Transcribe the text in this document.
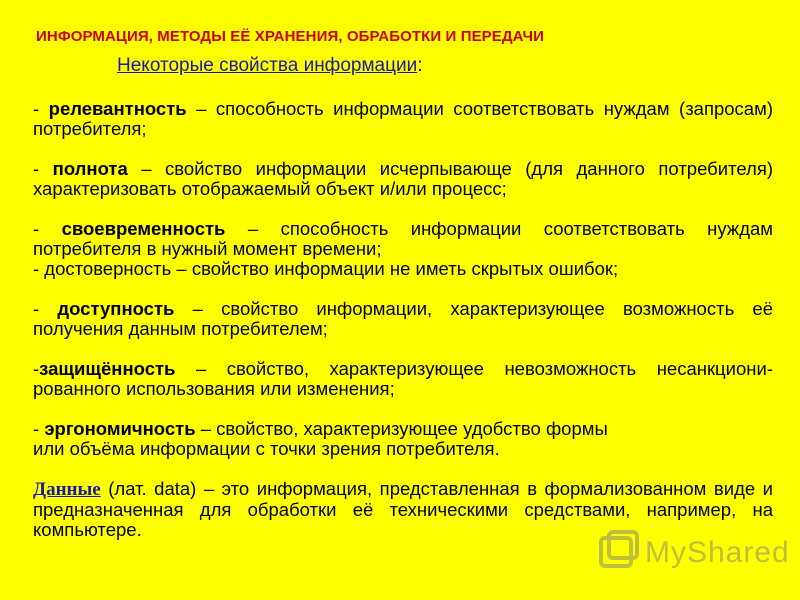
ИНФОРМАЦИЯ, МЕТОДЫ ЕЁ ХРАНЕНИЯ, ОБРАБОТКИ И ПЕРЕДАЧИ
Некоторые свойства информации:
- релевантность – способность информации соответствовать нуждам (запросам) потребителя;
- полнота – свойство информации исчерпывающе (для данного потребителя) характеризовать отображаемый объект и/или процесс;
- своевременность – способность информации соответствовать нуждам потребителя в нужный момент времени;
- достоверность – свойство информации не иметь скрытых ошибок;
- доступность – свойство информации, характеризующее возможность её получения данным потребителем;
-защищённость – свойство, характеризующее невозможность несанкциони- рованного использования или изменения;
- эргономичность – свойство, характеризующее удобство формы
или объёма информации с точки зрения потребителя.
Данные (лат. data) – это информация, представленная в формализованном виде и предназначенная для обработки её техническими средствами, например, на компьютере.
MyShared
